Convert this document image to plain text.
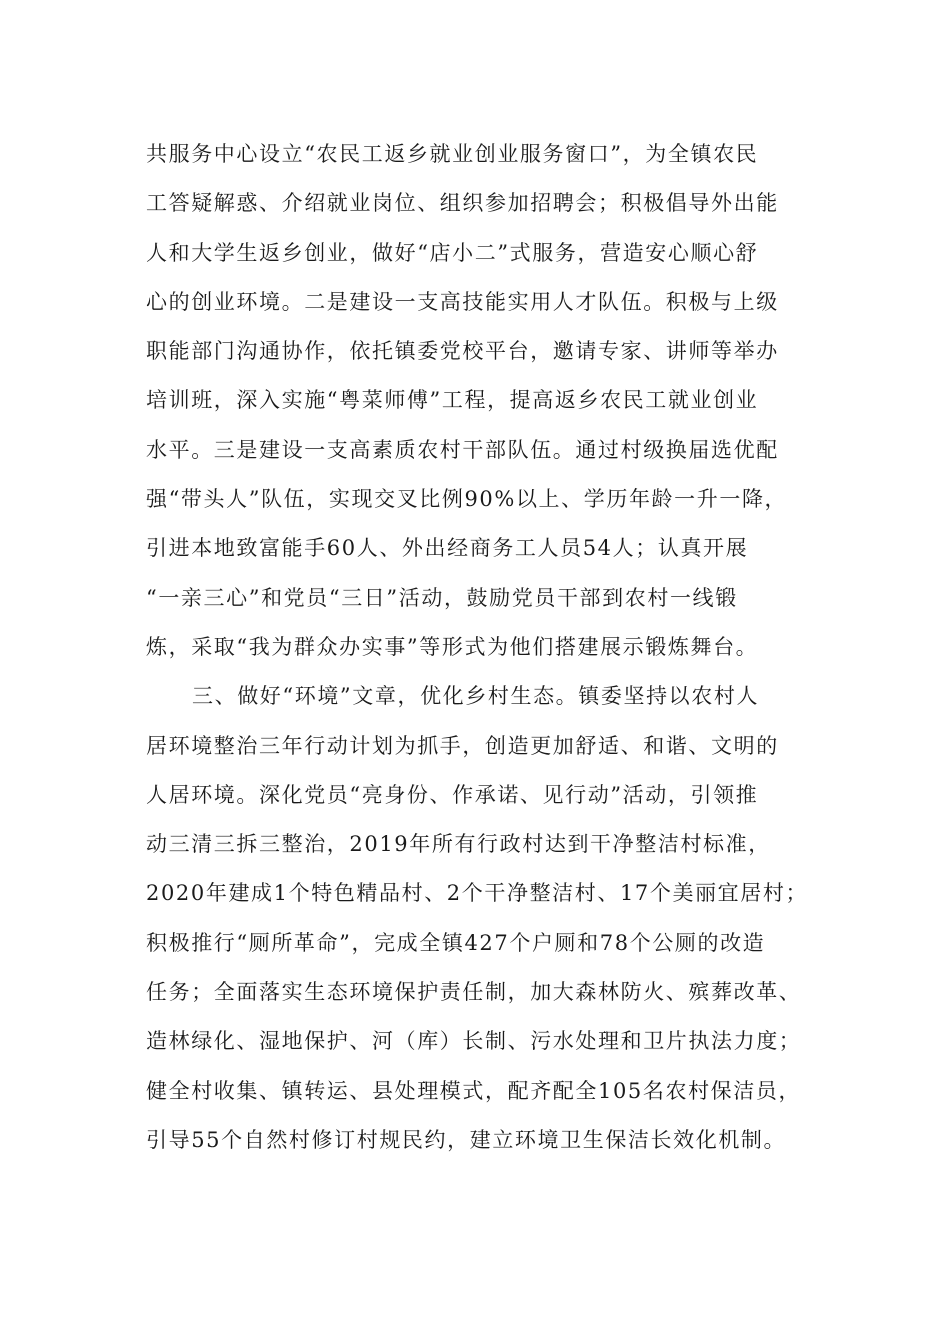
共服务中心设立“农民工返乡就业创业服务窗口”，为全镇农民
工答疑解惑、介绍就业岗位、组织参加招聘会；积极倡导外出能
人和大学生返乡创业，做好“店小二”式服务，营造安心顺心舒
心的创业环境。二是建设一支高技能实用人才队伍。积极与上级
职能部门沟通协作，依托镇委党校平台，邀请专家、讲师等举办
培训班，深入实施“粤菜师傅”工程，提高返乡农民工就业创业
水平。三是建设一支高素质农村干部队伍。通过村级换届选优配
强“带头人”队伍，实现交叉比例90%以上、学历年龄一升一降，
引进本地致富能手60人、外出经商务工人员54人；认真开展
“一亲三心”和党员“三日”活动，鼓励党员干部到农村一线锻
炼，采取“我为群众办实事”等形式为他们搭建展示锻炼舞台。
三、做好“环境”文章，优化乡村生态。镇委坚持以农村人
居环境整治三年行动计划为抓手，创造更加舒适、和谐、文明的
人居环境。深化党员“亮身份、作承诺、见行动”活动，引领推
动三清三拆三整治，2019年所有行政村达到干净整洁村标准，
2020年建成1个特色精品村、2个干净整洁村、17个美丽宜居村；
积极推行“厕所革命”，完成全镇427个户厕和78个公厕的改造
任务；全面落实生态环境保护责任制，加大森林防火、殡葬改革、
造林绿化、湿地保护、河（库）长制、污水处理和卫片执法力度；
健全村收集、镇转运、县处理模式，配齐配全105名农村保洁员，
引导55个自然村修订村规民约，建立环境卫生保洁长效化机制。
